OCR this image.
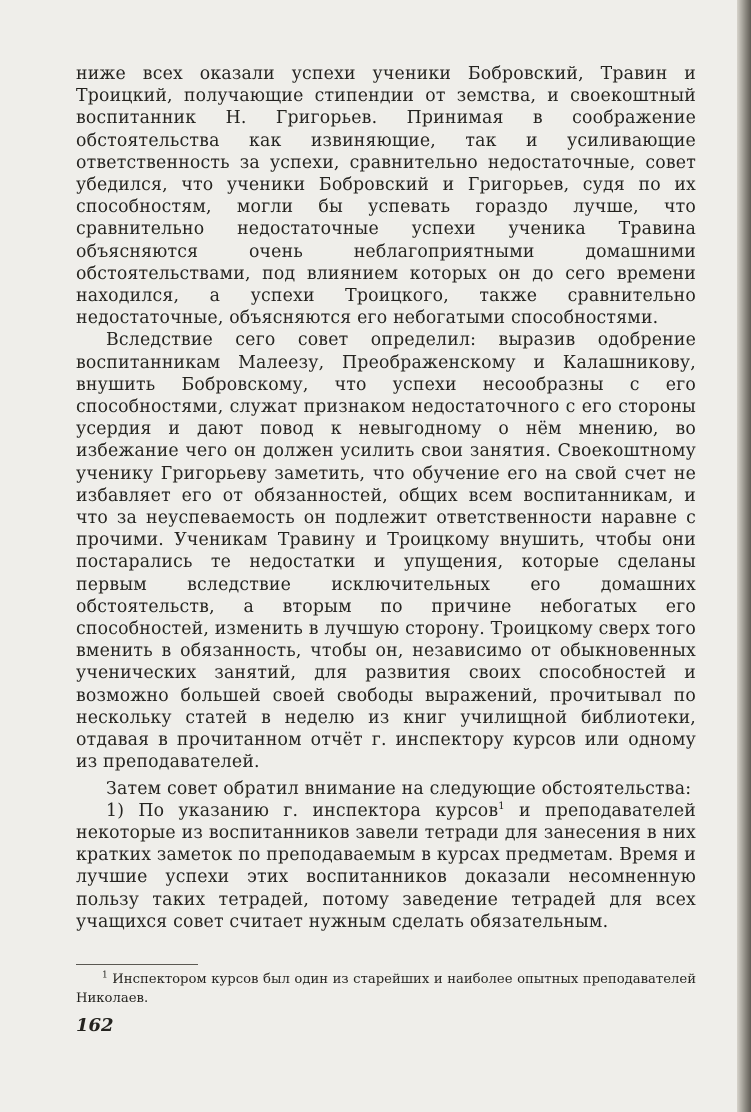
ниже всех оказали успехи ученики Бобровский, Травин и Троицкий, получающие стипендии от земства, и своекоштный воспитанник Н. Григорьев. Принимая в соображение обстоятельства как извиняющие, так и усиливающие ответственность за успехи, сравнительно недостаточные, совет убедился, что ученики Бобровский и Григорьев, судя по их способностям, могли бы успевать гораздо лучше, что сравнительно недостаточные успехи ученика Травина объясняются очень неблагоприятными домашними обстоятельствами, под влиянием которых он до сего времени находился, а успехи Троицкого, также сравнительно недостаточные, объясняются его небогатыми способностями.

Вследствие сего совет определил: выразив одобрение воспитанникам Малеезу, Преображенскому и Калашникову, внушить Бобровскому, что успехи несообразны с его способностями, служат признаком недостаточного с его стороны усердия и дают повод к невыгодному о нём мнению, во избежание чего он должен усилить свои занятия. Своекоштному ученику Григорьеву заметить, что обучение его на свой счет не избавляет его от обязанностей, общих всем воспитанникам, и что за неуспеваемость он подлежит ответственности наравне с прочими. Ученикам Травину и Троицкому внушить, чтобы они постарались те недостатки и упущения, которые сделаны первым вследствие исключительных его домашних обстоятельств, а вторым по причине небогатых его способностей, изменить в лучшую сторону. Троицкому сверх того вменить в обязанность, чтобы он, независимо от обыкновенных ученических занятий, для развития своих способностей и возможно большей своей свободы выражений, прочитывал по нескольку статей в неделю из книг училищной библиотеки, отдавая в прочитанном отчёт г. инспектору курсов или одному из преподавателей.

Затем совет обратил внимание на следующие обстоятельства:

1) По указанию г. инспектора курсов$^1$ и преподавателей некоторые из воспитанников завели тетради для занесения в них кратких заметок по преподаваемым в курсах предметам. Время и лучшие успехи этих воспитанников доказали несомненную пользу таких тетрадей, потому заведение тетрадей для всех учащихся совет считает нужным сделать обязательным.

$^1$ Инспектором курсов был один из старейших и наиболее опытных преподавателей Николаев.

162
